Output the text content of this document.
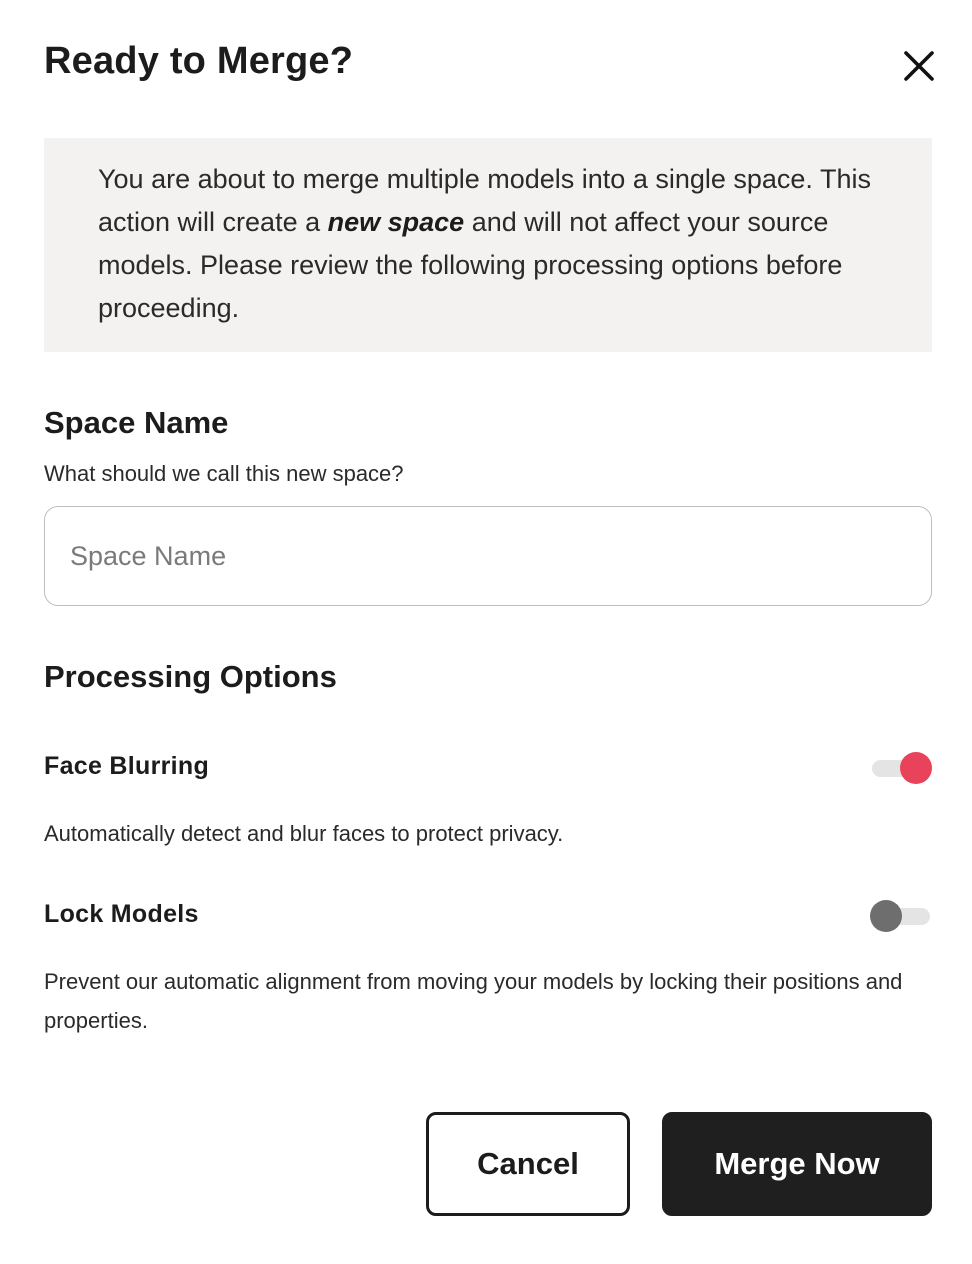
Ready to Merge?
You are about to merge multiple models into a single space. This action will create a new space and will not affect your source models. Please review the following processing options before proceeding.
Space Name
What should we call this new space?
Space Name
Processing Options
Face Blurring
Automatically detect and blur faces to protect privacy.
Lock Models
Prevent our automatic alignment from moving your models by locking their positions and properties.
Cancel	Merge Now
